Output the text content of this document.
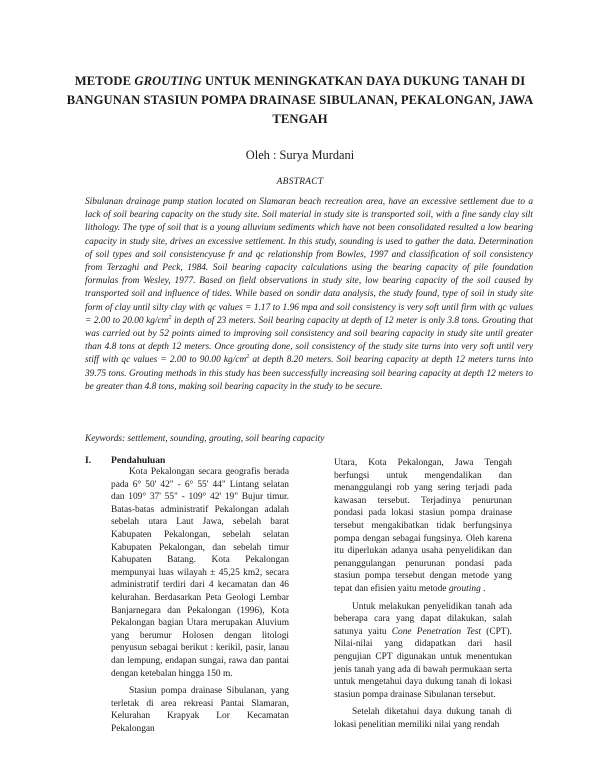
METODE GROUTING UNTUK MENINGKATKAN DAYA DUKUNG TANAH DI BANGUNAN STASIUN POMPA DRAINASE SIBULANAN, PEKALONGAN, JAWA TENGAH
Oleh : Surya Murdani
ABSTRACT

Sibulanan drainage pump station located on Slamaran beach recreation area, have an excessive settlement due to a lack of soil bearing capacity on the study site. Soil material in study site is transported soil, with a fine sandy clay silt lithology. The type of soil that is a young alluvium sediments which have not been consolidated resulted a low bearing capacity in study site, drives an excessive settlement. In this study, sounding is used to gather the data. Determination of soil types and soil consistencyuse fr and qc relationship from Bowles, 1997 and classification of soil consistency from Terzaghi and Peck, 1984. Soil bearing capacity calculations using the bearing capacity of pile foundation formulas from Wesley, 1977. Based on field observations in study site, low bearing capacity of the soil caused by transported soil and influence of tides. While based on sondir data analysis, the study found, type of soil in study site form of clay until silty clay with qc values = 1.17 to 1.96 mpa and soil consistency is very soft until firm with qc values = 2.00 to 20.00 $kg/cm^2$ in depth of 23 meters. Soil bearing capacity at depth of 12 meter is only 3.8 tons. Grouting that was carried out by 52 points aimed to improving soil consistency and soil bearing capacity in study site until greater than 4.8 tons at depth 12 meters. Once grouting done, soil consistency of the study site turns into very soft until very stiff with qc values = 2.00 to 90.00 $kg/cm^2$ at depth 8.20 meters. Soil bearing capacity at depth 12 meters turns into 39.75 tons. Grouting methods in this study has been successfully increasing soil bearing capacity at depth 12 meters to be greater than 4.8 tons, making soil bearing capacity in the study to be secure.

Keywords: settlement, sounding, grouting, soil bearing capacity
I. Pendahuluan

Kota Pekalongan secara geografis berada pada 6° 50' 42" - 6° 55' 44" Lintang selatan dan 109° 37' 55" - 109° 42' 19" Bujur timur. Batas-batas administratif Pekalongan adalah sebelah utara Laut Jawa, sebelah barat Kabupaten Pekalongan, sebelah selatan Kabupaten Pekalongan, dan sebelah timur Kabupaten Batang. Kota Pekalongan mempunyai luas wilayah ± 45,25 km2, secara administratif terdiri dari 4 kecamatan dan 46 kelurahan. Berdasarkan Peta Geologi Lembar Banjarnegara dan Pekalongan (1996), Kota Pekalongan bagian Utara merupakan Aluvium yang berumur Holosen dengan litologi penyusun sebagai berikut : kerikil, pasir, lanau dan lempung, endapan sungai, rawa dan pantai dengan ketebalan hingga 150 m.

Stasiun pompa drainase Sibulanan, yang terletak di area rekreasi Pantai Slamaran, Kelurahan Krapyak Lor Kecamatan Pekalongan

Utara, Kota Pekalongan, Jawa Tengah berfungsi untuk mengendalikan dan menanggulangi rob yang sering terjadi pada kawasan tersebut. Terjadinya penurunan pondasi pada lokasi stasiun pompa drainase tersebut mengakibatkan tidak berfungsinya pompa dengan sebagai fungsinya. Oleh karena itu diperlukan adanya usaha penyelidikan dan penanggulangan penurunan pondasi pada stasiun pompa tersebut dengan metode yang tepat dan efisien yaitu metode grouting .

Untuk melakukan penyelidikan tanah ada beberapa cara yang dapat dilakukan, salah satunya yaitu Cone Penetration Test (CPT). Nilai-nilai yang didapatkan dari hasil pengujian CPT digunakan untuk menentukan jenis tanah yang ada di bawah permukaan serta untuk mengetahui daya dukung tanah di lokasi stasiun pompa drainase Sibulanan tersebut.

Setelah diketahui daya dukung tanah di lokasi penelitian memiliki nilai yang rendah
